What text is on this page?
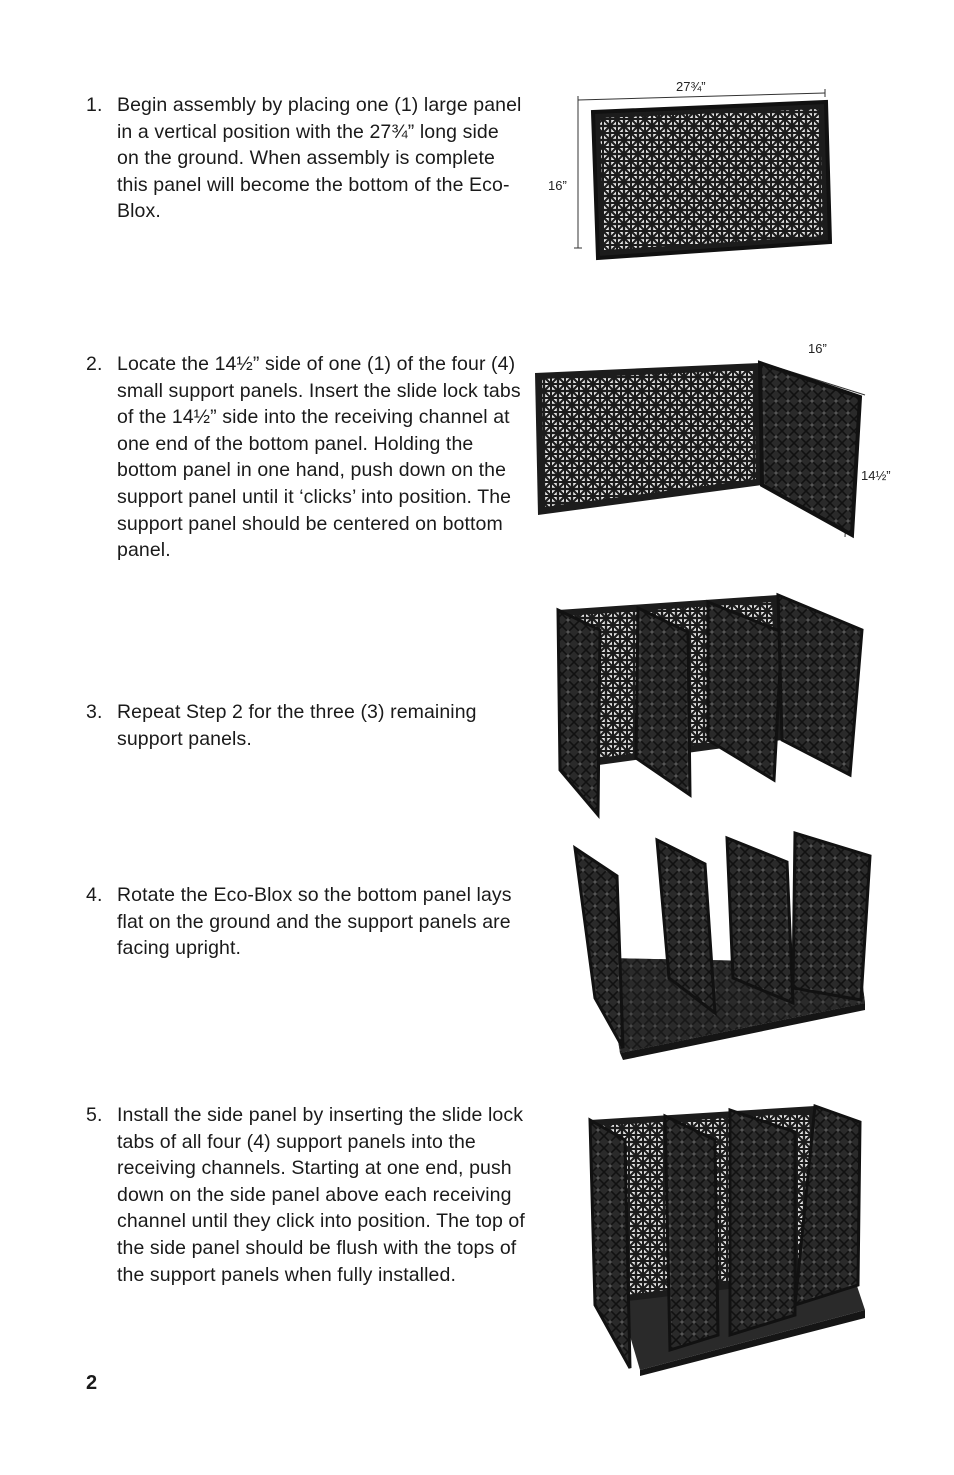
1. Begin assembly by placing one (1) large panel in a vertical position with the 27¾” long side on the ground. When assembly is complete this panel will become the bottom of the Eco-Blox.
2. Locate the 14½” side of one (1) of the four (4) small support panels. Insert the slide lock tabs of the 14½” side into the receiving channel at one end of the bottom panel. Holding the bottom panel in one hand, push down on the support panel until it ‘clicks’ into position. The support panel should be centered on bottom panel.
3. Repeat Step 2 for the three (3) remaining support panels.
4. Rotate the Eco-Blox so the bottom panel lays flat on the ground and the support panels are facing upright.
5. Install the side panel by inserting the slide lock tabs of all four (4) support panels into the receiving channels. Starting at one end, push down on the side panel above each receiving channel until they click into position. The top of the side panel should be flush with the tops of the support panels when fully installed.
2
27¾”
16”
16”
14½”
